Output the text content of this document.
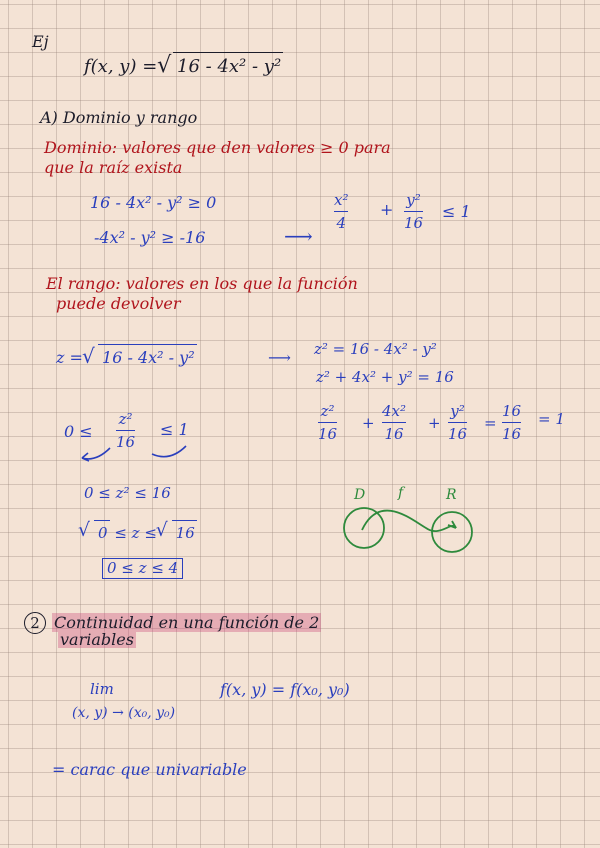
Ej
f(x, y) = √ 16 - 4x² - y²
A) Dominio y rango
Dominio: valores que den valores ≥ 0 para
que la raíz exista
16 - 4x² - y² ≥ 0
-4x² - y² ≥ -16	⟶
x²
4
+ y²
16
≤ 1
El rango: valores en los que la función
puede devolver
z = √ 16 - 4x² - y²	⟶ z² = 16 - 4x² - y²
z² + 4x² + y² = 16
z²
16
+
4x²
16
+
y²
16
=
16
16
= 1
0 ≤
z²
16
≤ 1
0 ≤ z² ≤ 16
√ 0 ≤ z ≤ √ 16
0 ≤ z ≤ 4
D f	R
2 Continuidad en una función de 2
variables
lim
(x, y) → (x₀, y₀)
f(x, y) = f(x₀, y₀)
= carac que univariable
